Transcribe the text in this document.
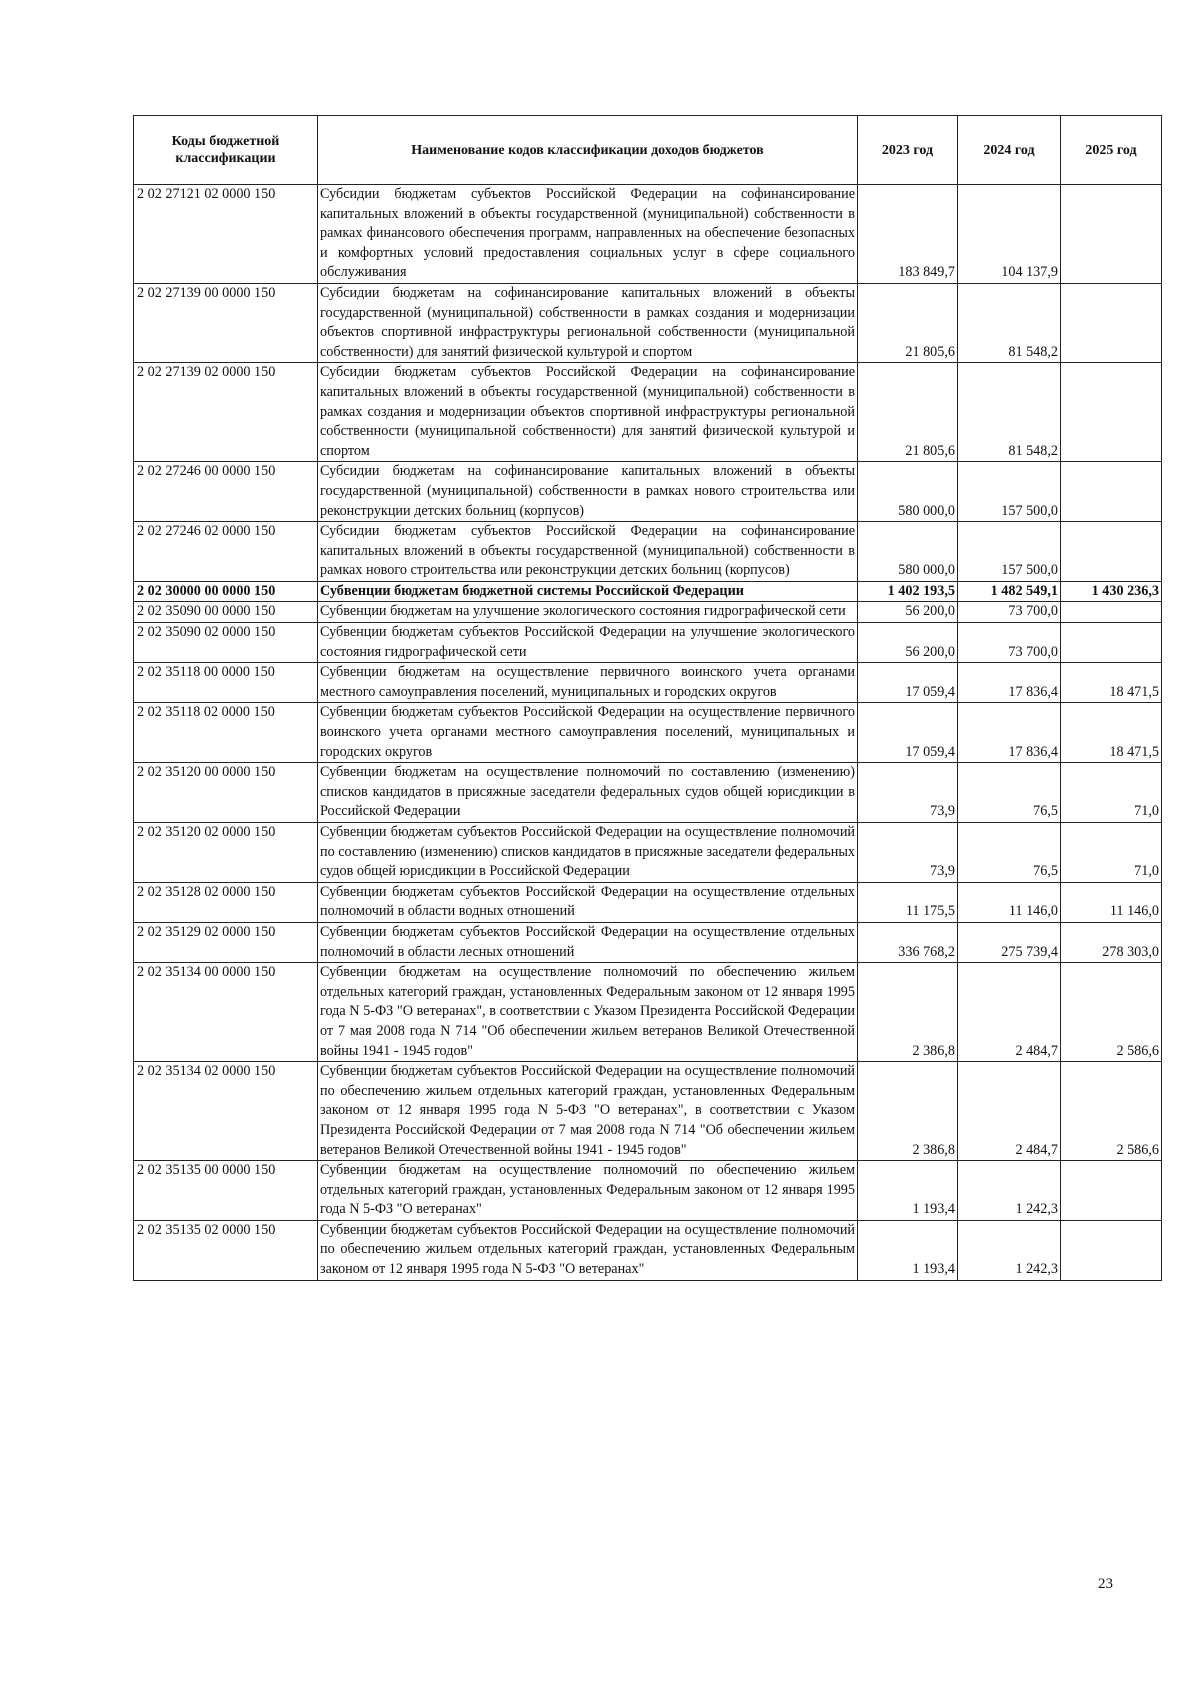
Коды бюджетной классификации	Наименование кодов классификации доходов бюджетов	2023 год	2024 год	2025 год
2 02 27121 02 0000 150	Субсидии бюджетам субъектов Российской Федерации на софинансирование капитальных вложений в объекты государственной (муниципальной) собственности в рамках финансового обеспечения программ, направленных на обеспечение безопасных и комфортных условий предоставления социальных услуг в сфере социального обслуживания	183 849,7	104 137,9	
2 02 27139 00 0000 150	Субсидии бюджетам на софинансирование капитальных вложений в объекты государственной (муниципальной) собственности в рамках создания и модернизации объектов спортивной инфраструктуры региональной собственности (муниципальной собственности) для занятий физической культурой и спортом	21 805,6	81 548,2	
2 02 27139 02 0000 150	Субсидии бюджетам субъектов Российской Федерации на софинансирование капитальных вложений в объекты государственной (муниципальной) собственности в рамках создания и модернизации объектов спортивной инфраструктуры региональной собственности (муниципальной собственности) для занятий физической культурой и спортом	21 805,6	81 548,2	
2 02 27246 00 0000 150	Субсидии бюджетам на софинансирование капитальных вложений в объекты государственной (муниципальной) собственности в рамках нового строительства или реконструкции детских больниц (корпусов)	580 000,0	157 500,0	
2 02 27246 02 0000 150	Субсидии бюджетам субъектов Российской Федерации на софинансирование капитальных вложений в объекты государственной (муниципальной) собственности в рамках нового строительства или реконструкции детских больниц (корпусов)	580 000,0	157 500,0	
2 02 30000 00 0000 150	Субвенции бюджетам бюджетной системы Российской Федерации	1 402 193,5	1 482 549,1	1 430 236,3
2 02 35090 00 0000 150	Субвенции бюджетам на улучшение экологического состояния гидрографической сети	56 200,0	73 700,0	
2 02 35090 02 0000 150	Субвенции бюджетам субъектов Российской Федерации на улучшение экологического состояния гидрографической сети	56 200,0	73 700,0	
2 02 35118 00 0000 150	Субвенции бюджетам на осуществление первичного воинского учета органами местного самоуправления поселений, муниципальных и городских округов	17 059,4	17 836,4	18 471,5
2 02 35118 02 0000 150	Субвенции бюджетам субъектов Российской Федерации на осуществление первичного воинского учета органами местного самоуправления поселений, муниципальных и городских округов	17 059,4	17 836,4	18 471,5
2 02 35120 00 0000 150	Субвенции бюджетам на осуществление полномочий по составлению (изменению) списков кандидатов в присяжные заседатели федеральных судов общей юрисдикции в Российской Федерации	73,9	76,5	71,0
2 02 35120 02 0000 150	Субвенции бюджетам субъектов Российской Федерации на осуществление полномочий по составлению (изменению) списков кандидатов в присяжные заседатели федеральных судов общей юрисдикции в Российской Федерации	73,9	76,5	71,0
2 02 35128 02 0000 150	Субвенции бюджетам субъектов Российской Федерации на осуществление отдельных полномочий в области водных отношений	11 175,5	11 146,0	11 146,0
2 02 35129 02 0000 150	Субвенции бюджетам субъектов Российской Федерации на осуществление отдельных полномочий в области лесных отношений	336 768,2	275 739,4	278 303,0
2 02 35134 00 0000 150	Субвенции бюджетам на осуществление полномочий по обеспечению жильем отдельных категорий граждан, установленных Федеральным законом от 12 января 1995 года N 5-ФЗ "О ветеранах", в соответствии с Указом Президента Российской Федерации от 7 мая 2008 года N 714 "Об обеспечении жильем ветеранов Великой Отечественной войны 1941 - 1945 годов"	2 386,8	2 484,7	2 586,6
2 02 35134 02 0000 150	Субвенции бюджетам субъектов Российской Федерации на осуществление полномочий по обеспечению жильем отдельных категорий граждан, установленных Федеральным законом от 12 января 1995 года N 5-ФЗ "О ветеранах", в соответствии с Указом Президента Российской Федерации от 7 мая 2008 года N 714 "Об обеспечении жильем ветеранов Великой Отечественной войны 1941 - 1945 годов"	2 386,8	2 484,7	2 586,6
2 02 35135 00 0000 150	Субвенции бюджетам на осуществление полномочий по обеспечению жильем отдельных категорий граждан, установленных Федеральным законом от 12 января 1995 года N 5-ФЗ "О ветеранах"	1 193,4	1 242,3	
2 02 35135 02 0000 150	Субвенции бюджетам субъектов Российской Федерации на осуществление полномочий по обеспечению жильем отдельных категорий граждан, установленных Федеральным законом от 12 января 1995 года N 5-ФЗ "О ветеранах"	1 193,4	1 242,3	
23
